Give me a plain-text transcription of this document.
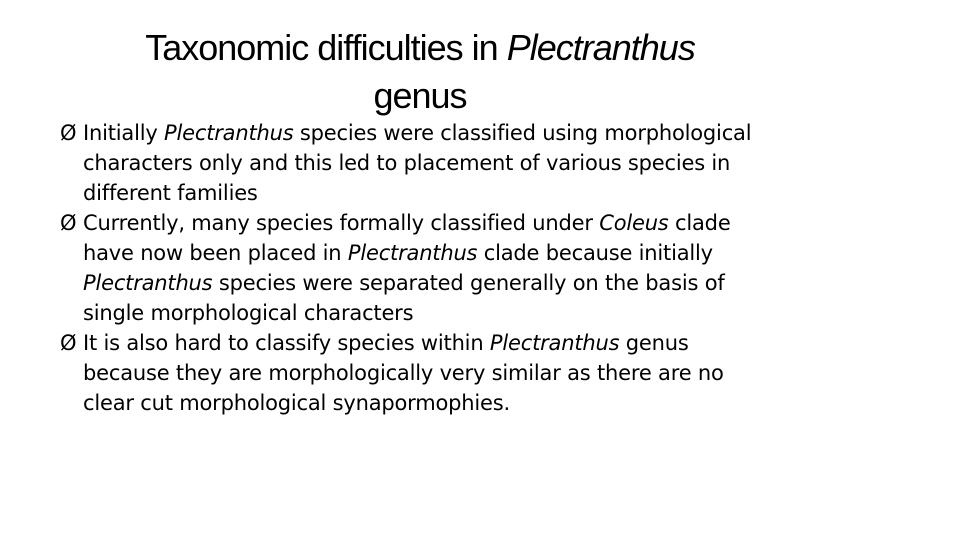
Taxonomic difficulties in Plectranthus
genus
Ø Initially Plectranthus species were classified using morphological characters only and this led to placement of various species in different families
Ø Currently, many species formally classified under Coleus clade have now been placed in Plectranthus clade because initially Plectranthus species were separated generally on the basis of single morphological characters
Ø It is also hard to classify species within Plectranthus genus because they are morphologically very similar as there are no clear cut morphological synapormophies.
